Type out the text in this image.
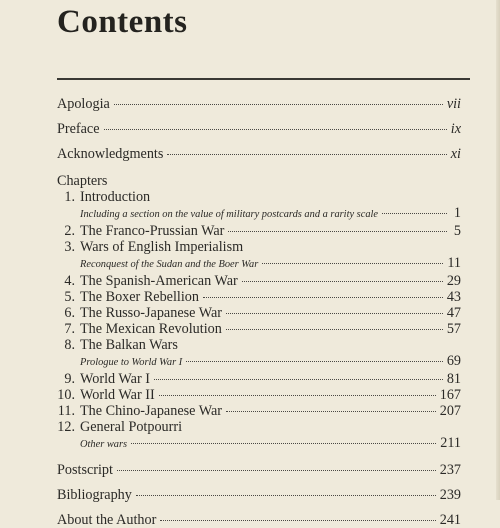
Contents
Apologia	vii
Preface	ix
Acknowledgments	xi
Chapters
1. Introduction
Including a section on the value of military postcards and a rarity scale	1
2. The Franco-Prussian War	5
3. Wars of English Imperialism
Reconquest of the Sudan and the Boer War	11
4. The Spanish-American War	29
5. The Boxer Rebellion	43
6. The Russo-Japanese War	47
7. The Mexican Revolution	57
8. The Balkan Wars
Prologue to World War I	69
9. World War I	81
10. World War II	167
11. The Chino-Japanese War	207
12. General Potpourri
Other wars	211
Postscript	237
Bibliography	239
About the Author	241
